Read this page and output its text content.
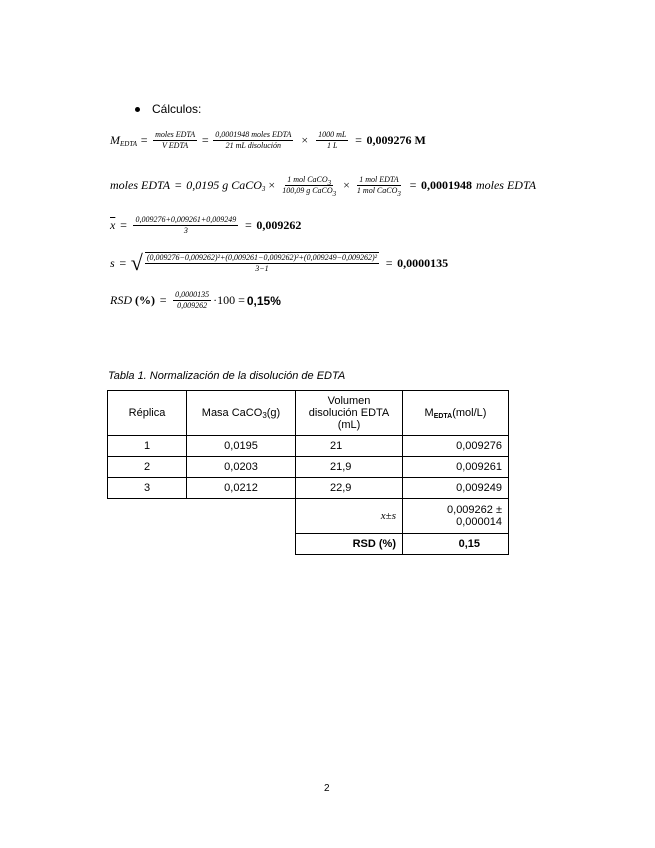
Cálculos:
M EDTA = $\frac{\text{moles EDTA}}{\text{V EDTA}} = \frac{\text{0,0001948 moles EDTA}}{\text{21 mL disolución}} \times \frac{1000 mL}{1 L} = 0,009276$ M
moles EDTA = 0,0195 g CaCO $3 \times \frac{\text{1 mol CaCO3}}{\text{100,09 g CaCO3}} \times \frac{\text{1 mol EDTA}}{\text{1 mol CaCO3}} = 0,0001948$ moles EDTA
$\overline{x} = \frac{0,009276+0,009261+0,009249}{3} = 0,009262$
s = √ (0,009276−0,009262)²+(0,009261−0,009262)²+(0,009249−0,009262)²
3−1	= 0,0000135
RSD (%) = $\frac{0,0000135}{0,009262} \cdot 100 = 0,15\%$
Tabla 1. Normalización de la disolución de EDTA
Réplica	Masa CaCO3(g)	Volumen disolución EDTA (mL)	MEDTA(mol/L)
1	0,0195	21	0,009276
2	0,0203	21,9	0,009261
3	0,0212	22,9	0,009249
		x±s	0,009262 ± 0,000014
		RSD (%)	0,15
2
